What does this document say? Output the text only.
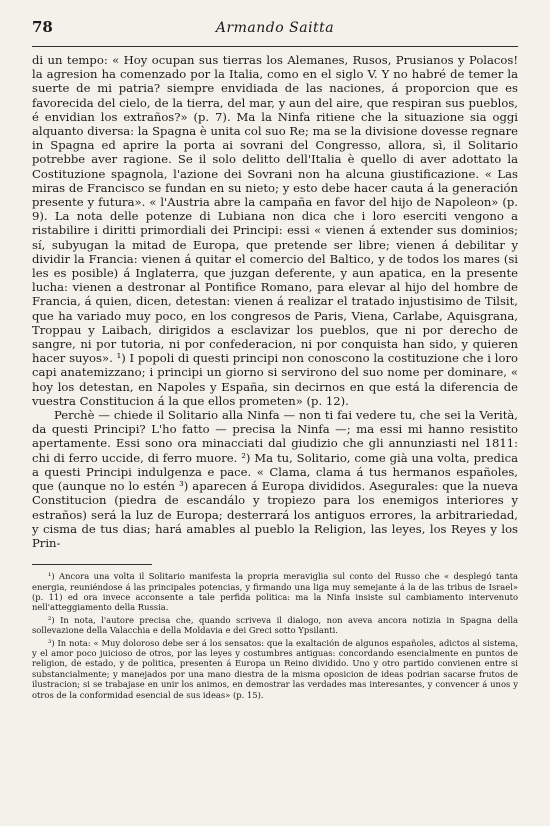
78	Armando Saitta

di un tempo: « Hoy ocupan sus tierras los Alemanes, Rusos, Prusianos y Polacos! la agresion ha comenzado por la Italia, como en el siglo V. Y no habré de temer la suerte de mi patria? siempre envidiada de las naciones, á proporcion que es favorecida del cielo, de la tierra, del mar, y aun del aire, que respiran sus pueblos, é envidian los extraños?» (p. 7). Ma la Ninfa ritiene che la situazione sia oggi alquanto diversa: la Spagna è unita col suo Re; ma se la divisione dovesse regnare in Spagna ed aprire la porta ai sovrani del Congresso, allora, sì, il Solitario potrebbe aver ragione. Se il solo delitto dell'Italia è quello di aver adottato la Costituzione spagnola, l'azione dei Sovrani non ha alcuna giustificazione. « Las miras de Francisco se fundan en su nieto; y esto debe hacer cauta á la generación presente y futura». « l'Austria abre la campaña en favor del hijo de Napoleon» (p. 9). La nota delle potenze di Lubiana non dica che i loro eserciti vengono a ristabilire i diritti primordiali dei Principi: essi « vienen á extender sus dominios; sí, subyugan la mitad de Europa, que pretende ser libre; vienen á debilitar y dividir la Francia: vienen á quitar el comercio del Baltico, y de todos los mares (si les es posible) á Inglaterra, que juzgan deferente, y aun apatica, en la presente lucha: vienen a destronar al Pontifice Romano, para elevar al hijo del hombre de Francia, á quien, dicen, detestan: vienen á realizar el tratado injustisimo de Tilsit, que ha variado muy poco, en los congresos de Paris, Viena, Carlabe, Aquisgrana, Troppau y Laibach, dirigidos a esclavizar los pueblos, que ni por derecho de sangre, ni por tutoria, ni por confederacion, ni por conquista han sido, y quieren hacer suyos». ¹) I popoli di questi principi non conoscono la costituzione che i loro capi anatemizzano; i principi un giorno si servirono del suo nome per dominare, « hoy los detestan, en Napoles y España, sin decirnos en que está la diferencia de vuestra Constitucion á la que ellos prometen» (p. 12).

Perchè — chiede il Solitario alla Ninfa — non ti fai vedere tu, che sei la Verità, da questi Principi? L'ho fatto — precisa la Ninfa —; ma essi mi hanno resistito apertamente. Essi sono ora minacciati dal giudizio che gli annunziasti nel 1811: chi di ferro uccide, di ferro muore. ²) Ma tu, Solitario, come già una volta, predica a questi Principi indulgenza e pace. « Clama, clama á tus hermanos españoles, que (aunque no lo estén ³) aparecen á Europa divididos. Asegurales: que la nueva Constitucion (piedra de escandálo y tropiezo para los enemigos interiores y estraños) será la luz de Europa; desterrará los antiguos errores, la arbitrariedad, y cisma de tus dias; hará amables al pueblo la Religion, las leyes, los Reyes y los Prin-

¹) Ancora una volta il Solitario manifesta la propria meraviglia sul conto del Russo che « desplegó tanta energia, reuniéndose á las principales potencias, y firmando una liga muy semejante á la de las tribus de Israel» (p. 11) ed ora invece acconsente a tale perfida politica: ma la Ninfa insiste sul cambiamento intervenuto nell'atteggiamento della Russia.

²) In nota, l'autore precisa che, quando scriveva il dialogo, non aveva ancora notizia in Spagna della sollevazione della Valacchia e della Moldavia e dei Greci sotto Ypsilanti.

³) In nota: « Muy doloroso debe ser á los sensatos: que la exaltación de algunos españoles, adictos al sistema, y el amor poco juicioso de otros, por las leyes y costumbres antiguas: concordando esencialmente en puntos de religion, de estado, y de politica, presenten á Europa un Reino dividido. Uno y otro partido convienen entre si substancialmente; y manejados por una mano diestra de la misma oposicion de ideas podrian sacarse frutos de ilustracion; si se trabajase en unir los animos, en demostrar las verdades mas interesantes, y convencer á unos y otros de la conformidad esencial de sus ideas» (p. 15).
